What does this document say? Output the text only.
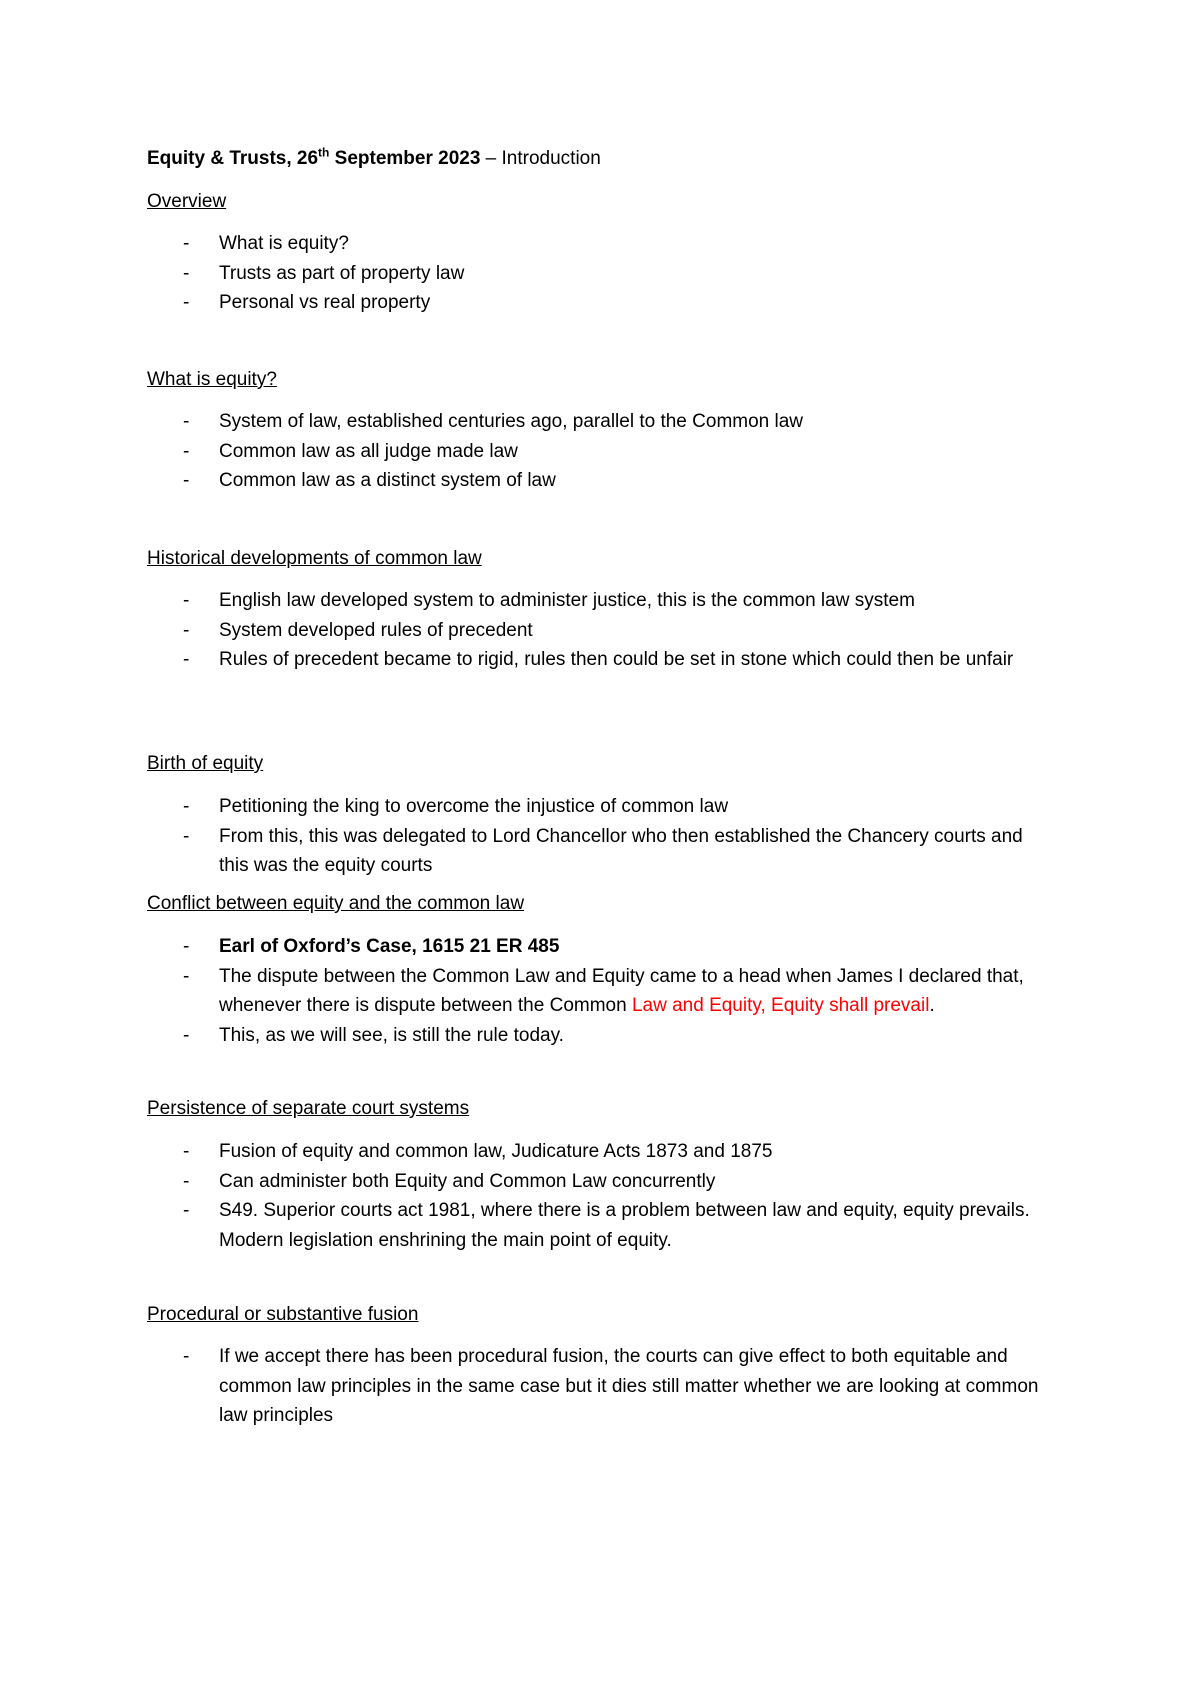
Equity & Trusts, 26th September 2023 – Introduction
Overview
- What is equity?
- Trusts as part of property law
- Personal vs real property
What is equity?
- System of law, established centuries ago, parallel to the Common law
- Common law as all judge made law
- Common law as a distinct system of law
Historical developments of common law
- English law developed system to administer justice, this is the common law system
- System developed rules of precedent
- Rules of precedent became to rigid, rules then could be set in stone which could then be unfair
Birth of equity
- Petitioning the king to overcome the injustice of common law
- From this, this was delegated to Lord Chancellor who then established the Chancery courts and this was the equity courts
Conflict between equity and the common law
- Earl of Oxford’s Case, 1615 21 ER 485
- The dispute between the Common Law and Equity came to a head when James I declared that, whenever there is dispute between the Common Law and Equity, Equity shall prevail.
- This, as we will see, is still the rule today.
Persistence of separate court systems
- Fusion of equity and common law, Judicature Acts 1873 and 1875
- Can administer both Equity and Common Law concurrently
- S49. Superior courts act 1981, where there is a problem between law and equity, equity prevails. Modern legislation enshrining the main point of equity.
Procedural or substantive fusion
- If we accept there has been procedural fusion, the courts can give effect to both equitable and common law principles in the same case but it dies still matter whether we are looking at common law principles
